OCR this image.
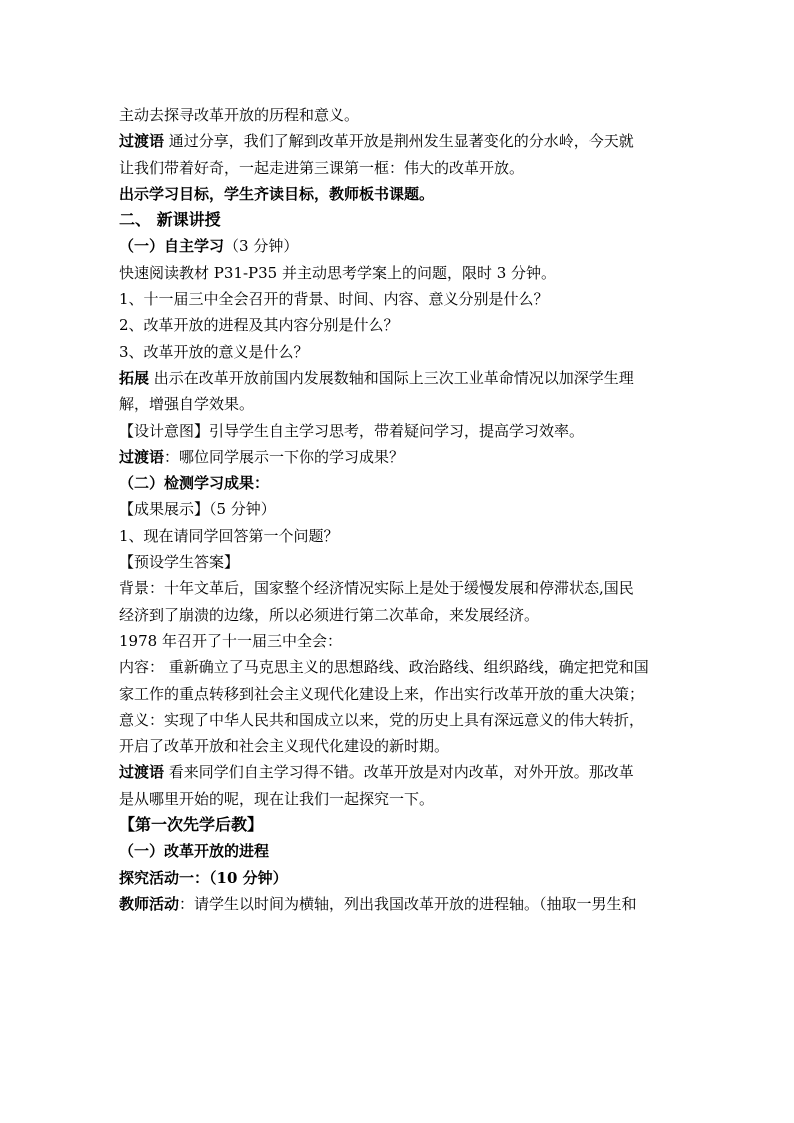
主动去探寻改革开放的历程和意义。
过渡语 通过分享，我们了解到改革开放是荆州发生显著变化的分水岭，今天就
让我们带着好奇，一起走进第三课第一框：伟大的改革开放。
出示学习目标，学生齐读目标，教师板书课题。
二、 新课讲授
（一）自主学习（3 分钟）
快速阅读教材 P31-P35 并主动思考学案上的问题，限时 3 分钟。
1、十一届三中全会召开的背景、时间、内容、意义分别是什么？
2、改革开放的进程及其内容分别是什么？
3、改革开放的意义是什么？
拓展 出示在改革开放前国内发展数轴和国际上三次工业革命情况以加深学生理
解，增强自学效果。
【设计意图】引导学生自主学习思考，带着疑问学习，提高学习效率。
过渡语：哪位同学展示一下你的学习成果？
（二）检测学习成果：
【成果展示】（5 分钟）
1、现在请同学回答第一个问题？
【预设学生答案】
背景：十年文革后，国家整个经济情况实际上是处于缓慢发展和停滞状态,国民
经济到了崩溃的边缘，所以必须进行第二次革命，来发展经济。
1978 年召开了十一届三中全会：
内容： 重新确立了马克思主义的思想路线、政治路线、组织路线，确定把党和国
家工作的重点转移到社会主义现代化建设上来，作出实行改革开放的重大决策；
意义：实现了中华人民共和国成立以来，党的历史上具有深远意义的伟大转折，
开启了改革开放和社会主义现代化建设的新时期。
过渡语 看来同学们自主学习得不错。改革开放是对内改革，对外开放。那改革
是从哪里开始的呢，现在让我们一起探究一下。
【第一次先学后教】
（一）改革开放的进程
探究活动一：（10 分钟）
教师活动：请学生以时间为横轴，列出我国改革开放的进程轴。（抽取一男生和
